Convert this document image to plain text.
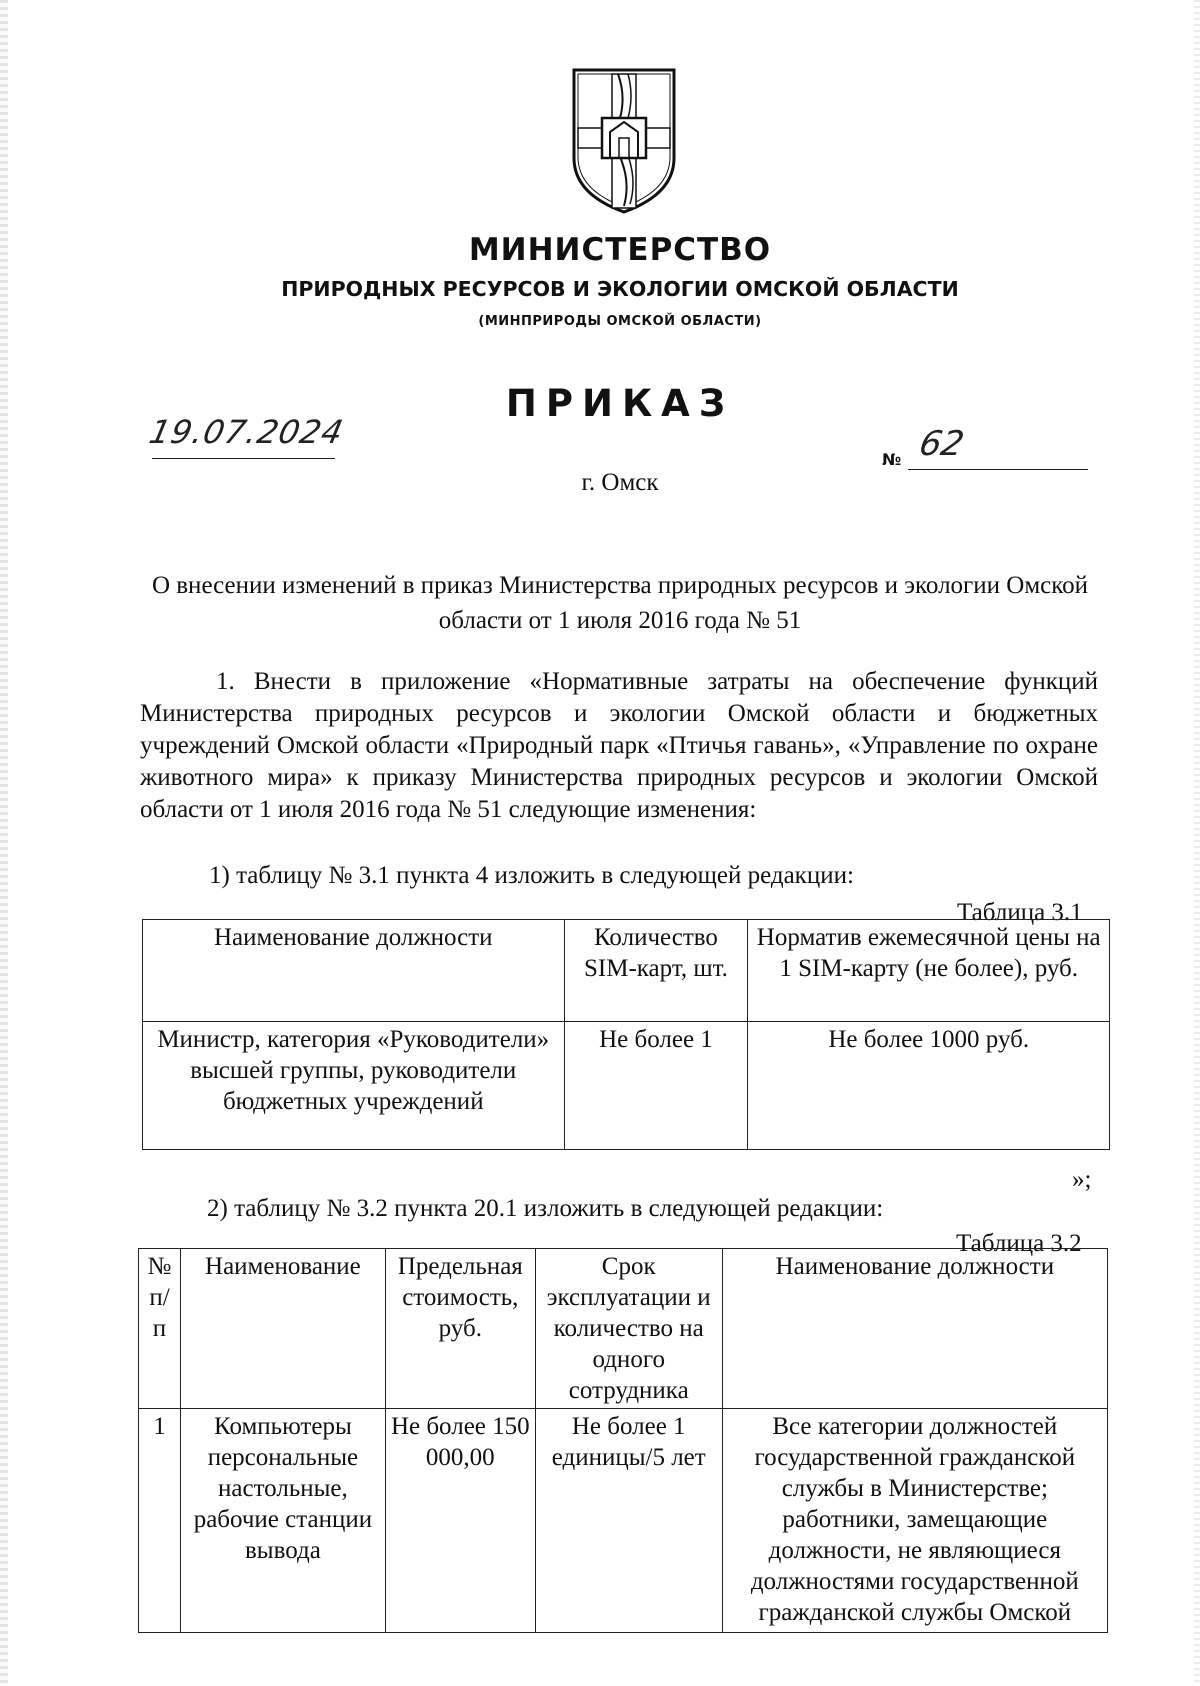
МИНИСТЕРСТВО
ПРИРОДНЫХ РЕСУРСОВ И ЭКОЛОГИИ ОМСКОЙ ОБЛАСТИ
(МИНПРИРОДЫ ОМСКОЙ ОБЛАСТИ)
ПРИКАЗ
19.07.2024
№ 62
г. Омск
О внесении изменений в приказ Министерства природных ресурсов и экологии Омской области от 1 июля 2016 года № 51
1. Внести в приложение «Нормативные затраты на обеспечение функций Министерства природных ресурсов и экологии Омской области и бюджетных учреждений Омской области «Природный парк «Птичья гавань», «Управление по охране животного мира» к приказу Министерства природных ресурсов и экологии Омской области от 1 июля 2016 года № 51 следующие изменения:
1) таблицу № 3.1 пункта 4 изложить в следующей редакции:
Таблица 3.1
Наименование должности	Количество SIM-карт, шт.	Норматив ежемесячной цены на 1 SIM-карту (не более), руб.
Министр, категория «Руководители» высшей группы, руководители бюджетных учреждений	Не более 1	Не более 1000 руб.
»;
2) таблицу № 3.2 пункта 20.1 изложить в следующей редакции:
Таблица 3.2
№ п/п	Наименование	Предельная стоимость, руб.	Срок эксплуатации и количество на одного сотрудника	Наименование должности
1	Компьютеры персональные настольные, рабочие станции вывода	Не более 150 000,00	Не более 1 единицы/5 лет	Все категории должностей государственной гражданской службы в Министерстве; работники, замещающие должности, не являющиеся должностями государственной гражданской службы Омской
